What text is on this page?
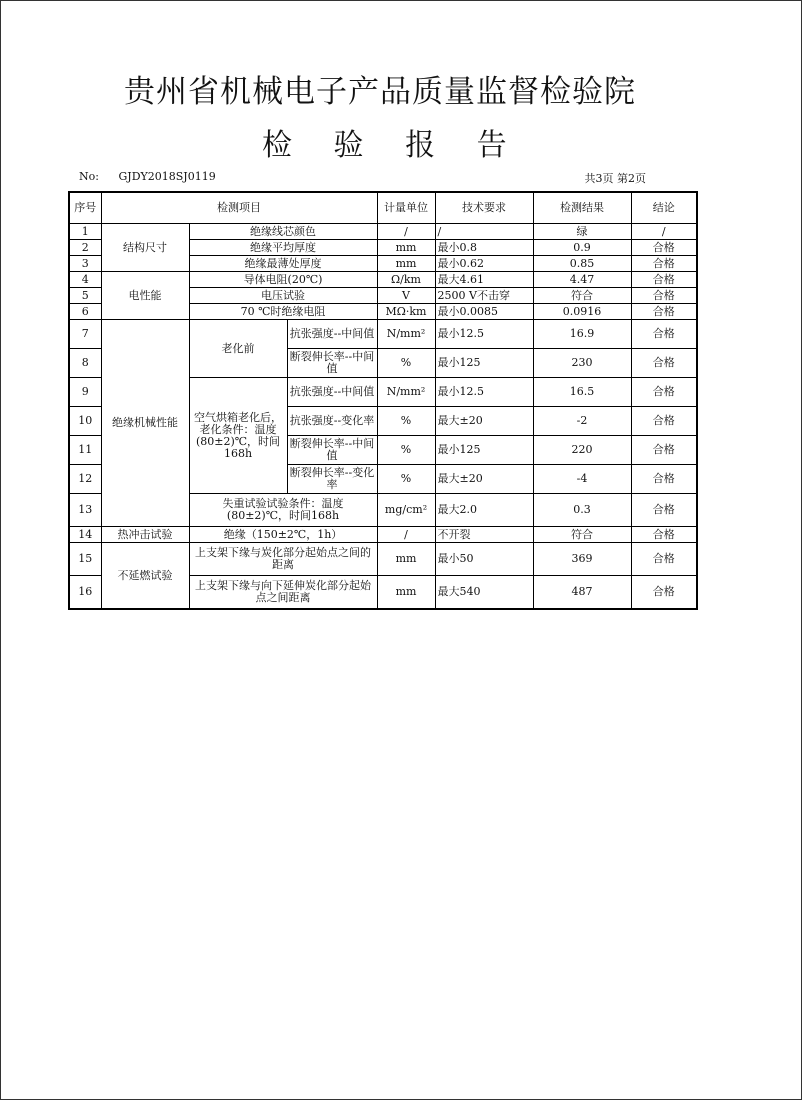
贵州省机械电子产品质量监督检验院
检 验 报 告
No: GJDY2018SJ0119	共3页 第2页
序号	检测项目			计量单位	技术要求	检测结果	结论
1	结构尺寸	绝缘线芯颜色		/	/	绿	/
2		绝缘平均厚度		mm	最小0.8	0.9	合格
3		绝缘最薄处厚度		mm	最小0.62	0.85	合格
4	电性能	导体电阻(20℃)		Ω/km	最大4.61	4.47	合格
5		电压试验		V	2500 V不击穿	符合	合格
6		70 ℃时绝缘电阻		MΩ·km	最小0.0085	0.0916	合格
7	绝缘机械性能	老化前	抗张强度--中间值	N/mm²	最小12.5	16.9	合格
8			断裂伸长率--中间值	%	最小125	230	合格
9		空气烘箱老化后，老化条件：温度(80±2)℃，时间168h	抗张强度--中间值	N/mm²	最小12.5	16.5	合格
10			抗张强度--变化率	%	最大±20	-2	合格
11			断裂伸长率--中间值	%	最小125	220	合格
12			断裂伸长率--变化率	%	最大±20	-4	合格
13		失重试验试验条件：温度(80±2)℃，时间168h		mg/cm²	最大2.0	0.3	合格
14	热冲击试验	绝缘（150±2℃，1h）		/	不开裂	符合	合格
15	不延燃试验	上支架下缘与炭化部分起始点之间的距离		mm	最小50	369	合格
16		上支架下缘与向下延伸炭化部分起始点之间距离		mm	最大540	487	合格
